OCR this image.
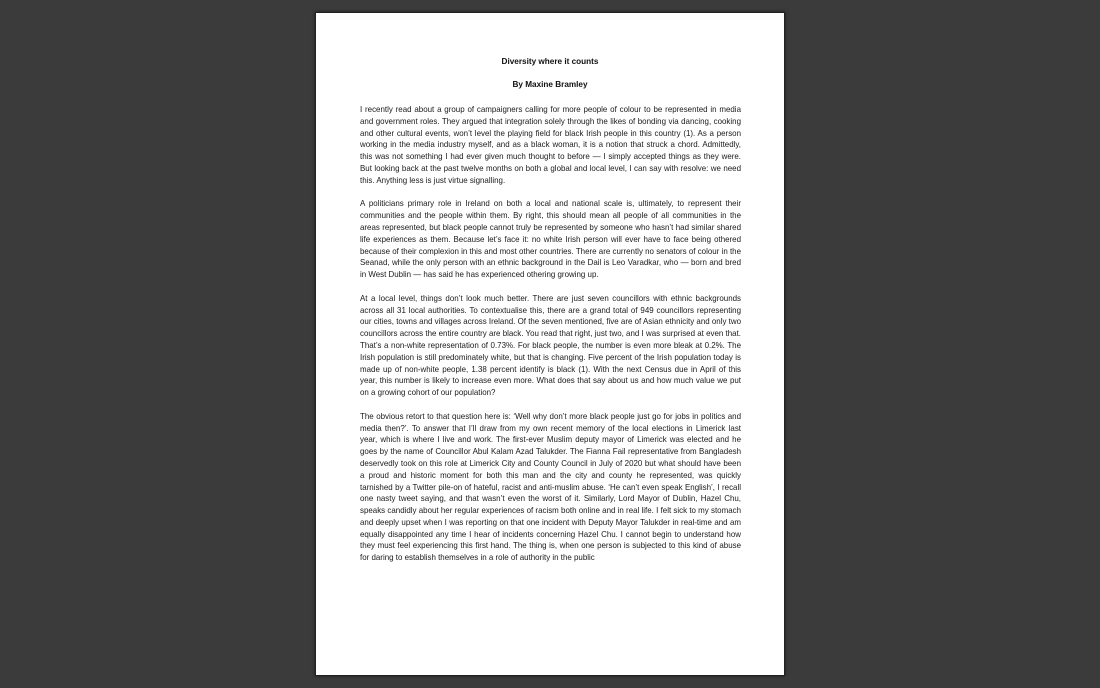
Diversity where it counts
By Maxine Bramley

I recently read about a group of campaigners calling for more people of colour to be represented in media and government roles. They argued that integration solely through the likes of bonding via dancing, cooking and other cultural events, won’t level the playing field for black Irish people in this country (1). As a person working in the media industry myself, and as a black woman, it is a notion that struck a chord. Admittedly, this was not something I had ever given much thought to before — I simply accepted things as they were. But looking back at the past twelve months on both a global and local level, I can say with resolve: we need this. Anything less is just virtue signalling.

A politicians primary role in Ireland on both a local and national scale is, ultimately, to represent their communities and the people within them. By right, this should mean all people of all communities in the areas represented, but black people cannot truly be represented by someone who hasn’t had similar shared life experiences as them. Because let’s face it: no white Irish person will ever have to face being othered because of their complexion in this and most other countries. There are currently no senators of colour in the Seanad, while the only person with an ethnic background in the Dail is Leo Varadkar, who — born and bred in West Dublin — has said he has experienced othering growing up.

At a local level, things don’t look much better. There are just seven councillors with ethnic backgrounds across all 31 local authorities. To contextualise this, there are a grand total of 949 councillors representing our cities, towns and villages across Ireland. Of the seven mentioned, five are of Asian ethnicity and only two councillors across the entire country are black. You read that right, just two, and I was surprised at even that. That’s a non-white representation of 0.73%. For black people, the number is even more bleak at 0.2%. The Irish population is still predominately white, but that is changing. Five percent of the Irish population today is made up of non-white people, 1.38 percent identify is black (1). With the next Census due in April of this year, this number is likely to increase even more. What does that say about us and how much value we put on a growing cohort of our population?

The obvious retort to that question here is: ‘Well why don’t more black people just go for jobs in politics and media then?’. To answer that I’ll draw from my own recent memory of the local elections in Limerick last year, which is where I live and work. The first-ever Muslim deputy mayor of Limerick was elected and he goes by the name of Councillor Abul Kalam Azad Talukder. The Fianna Fail representative from Bangladesh deservedly took on this role at Limerick City and County Council in July of 2020 but what should have been a proud and historic moment for both this man and the city and county he represented, was quickly tarnished by a Twitter pile-on of hateful, racist and anti-muslim abuse. ‘He can’t even speak English’, I recall one nasty tweet saying, and that wasn’t even the worst of it. Similarly, Lord Mayor of Dublin, Hazel Chu, speaks candidly about her regular experiences of racism both online and in real life. I felt sick to my stomach and deeply upset when I was reporting on that one incident with Deputy Mayor Talukder in real-time and am equally disappointed any time I hear of incidents concerning Hazel Chu. I cannot begin to understand how they must feel experiencing this first hand. The thing is, when one person is subjected to this kind of abuse for daring to establish themselves in a role of authority in the public
